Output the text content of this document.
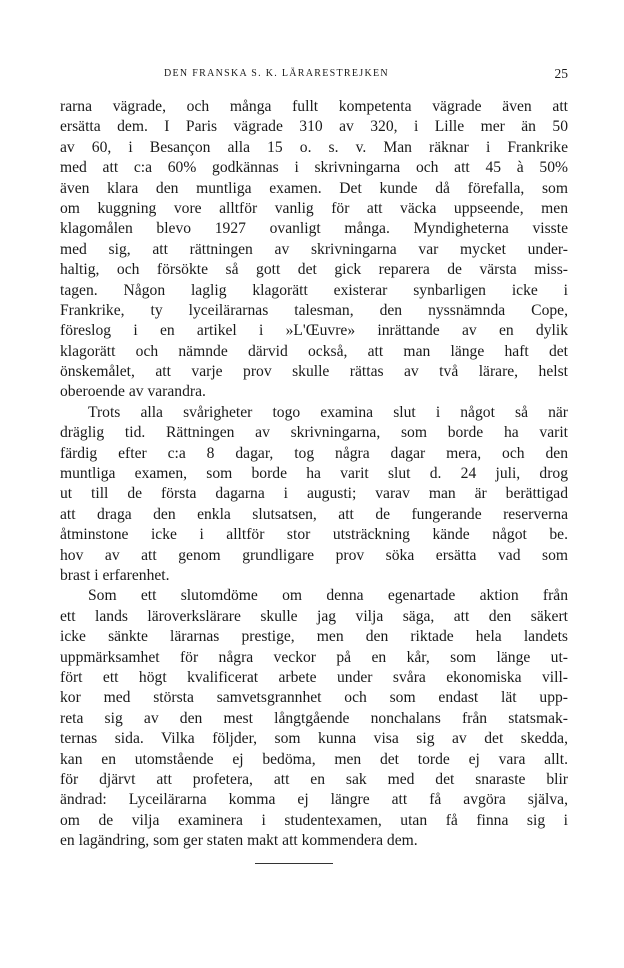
DEN FRANSKA S. K. LÄRARESTREJKEN	25
rarna vägrade, och många fullt kompetenta vägrade även att
ersätta dem. I Paris vägrade 310 av 320, i Lille mer än 50
av 60, i Besançon alla 15 o. s. v. Man räknar i Frankrike
med att c:a 60% godkännas i skrivningarna och att 45 à 50%
även klara den muntliga examen. Det kunde då förefalla, som
om kuggning vore alltför vanlig för att väcka uppseende, men
klagomålen blevo 1927 ovanligt många. Myndigheterna visste
med sig, att rättningen av skrivningarna var mycket under-
haltig, och försökte så gott det gick reparera de värsta miss-
tagen. Någon laglig klagorätt existerar synbarligen icke i
Frankrike, ty lyceilärarnas talesman, den nyssnämnda Cope,
föreslog i en artikel i »L'Œuvre» inrättande av en dylik
klagorätt och nämnde därvid också, att man länge haft det
önskemålet, att varje prov skulle rättas av två lärare, helst
oberoende av varandra.
Trots alla svårigheter togo examina slut i något så när
dräglig tid. Rättningen av skrivningarna, som borde ha varit
färdig efter c:a 8 dagar, tog några dagar mera, och den
muntliga examen, som borde ha varit slut d. 24 juli, drog
ut till de första dagarna i augusti; varav man är berättigad
att draga den enkla slutsatsen, att de fungerande reserverna
åtminstone icke i alltför stor utsträckning kände något be.
hov av att genom grundligare prov söka ersätta vad som
brast i erfarenhet.
Som ett slutomdöme om denna egenartade aktion från
ett lands läroverkslärare skulle jag vilja säga, att den säkert
icke sänkte lärarnas prestige, men den riktade hela landets
uppmärksamhet för några veckor på en kår, som länge ut-
fört ett högt kvalificerat arbete under svåra ekonomiska vill-
kor med största samvetsgrannhet och som endast lät upp-
reta sig av den mest långtgående nonchalans från statsmak-
ternas sida. Vilka följder, som kunna visa sig av det skedda,
kan en utomstående ej bedöma, men det torde ej vara allt.
för djärvt att profetera, att en sak med det snaraste blir
ändrad: Lyceilärarna komma ej längre att få avgöra själva,
om de vilja examinera i studentexamen, utan få finna sig i
en lagändring, som ger staten makt att kommendera dem.
